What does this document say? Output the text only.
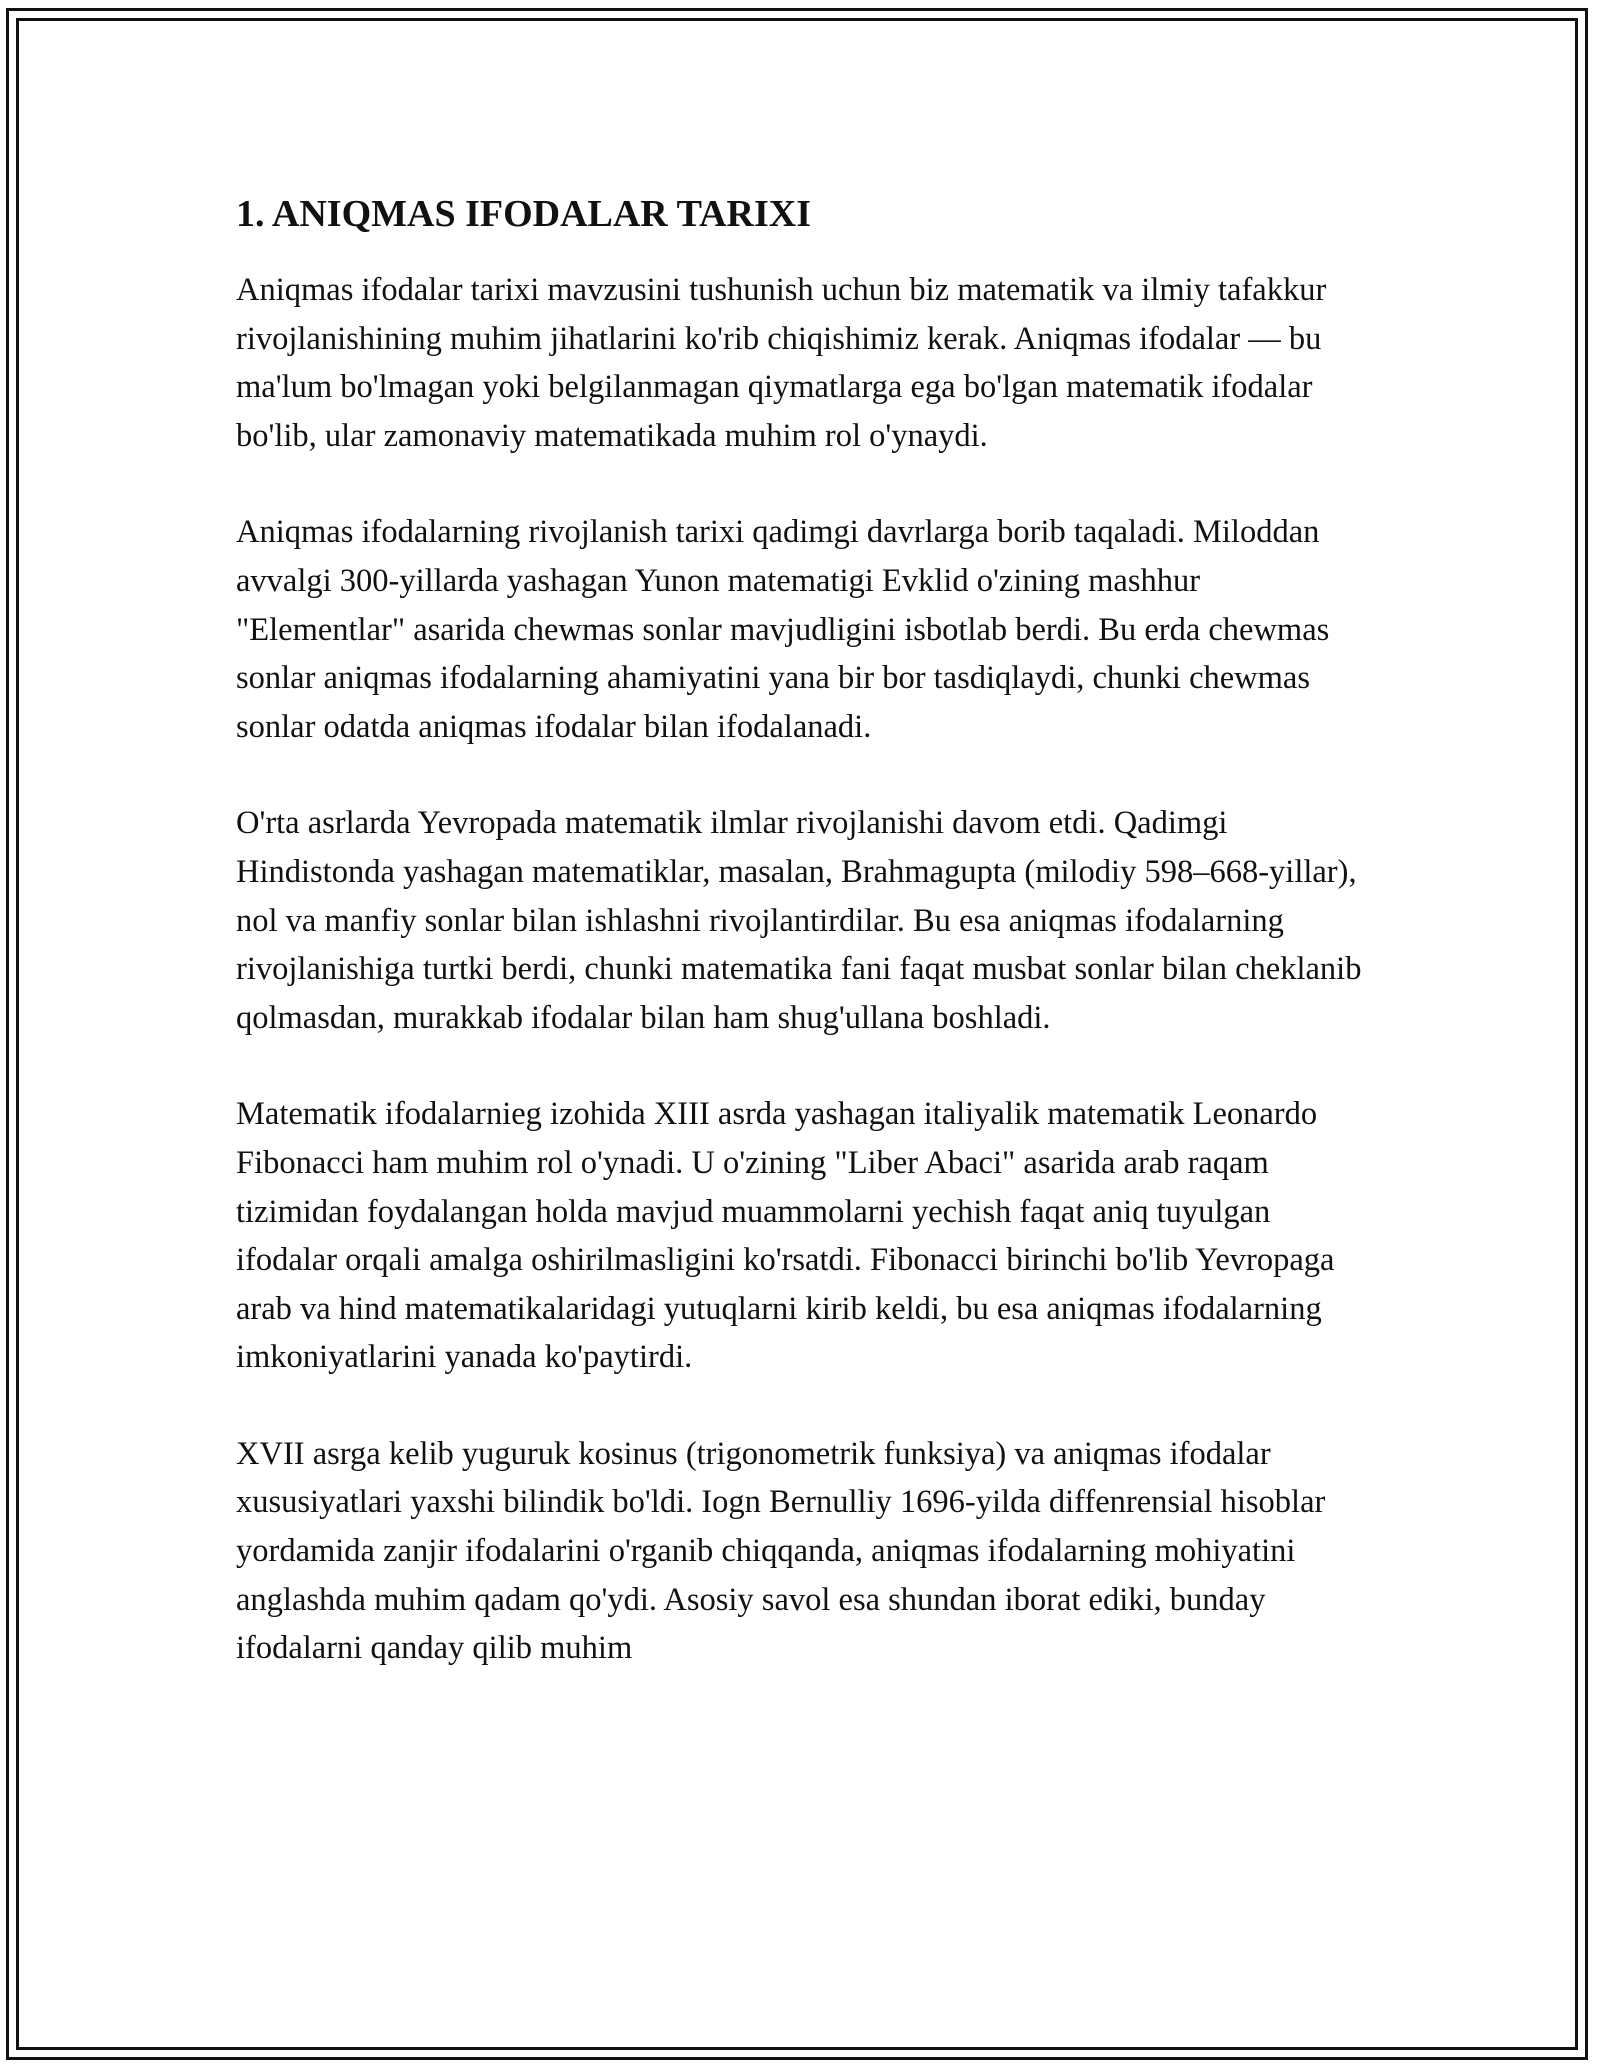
1. ANIQMAS IFODALAR TARIXI

Aniqmas ifodalar tarixi mavzusini tushunish uchun biz matematik va ilmiy tafakkur rivojlanishining muhim jihatlarini ko'rib chiqishimiz kerak. Aniqmas ifodalar — bu ma'lum bo'lmagan yoki belgilanmagan qiymatlarga ega bo'lgan matematik ifodalar bo'lib, ular zamonaviy matematikada muhim rol o'ynaydi.

Aniqmas ifodalarning rivojlanish tarixi qadimgi davrlarga borib taqaladi. Miloddan avvalgi 300-yillarda yashagan Yunon matematigi Evklid o'zining mashhur "Elementlar" asarida chewmas sonlar mavjudligini isbotlab berdi. Bu erda chewmas sonlar aniqmas ifodalarning ahamiyatini yana bir bor tasdiqlaydi, chunki chewmas sonlar odatda aniqmas ifodalar bilan ifodalanadi.

O'rta asrlarda Yevropada matematik ilmlar rivojlanishi davom etdi. Qadimgi Hindistonda yashagan matematiklar, masalan, Brahmagupta (milodiy 598–668-yillar), nol va manfiy sonlar bilan ishlashni rivojlantirdilar. Bu esa aniqmas ifodalarning rivojlanishiga turtki berdi, chunki matematika fani faqat musbat sonlar bilan cheklanib qolmasdan, murakkab ifodalar bilan ham shug'ullana boshladi.

Matematik ifodalarnieg izohida XIII asrda yashagan italiyalik matematik Leonardo Fibonacci ham muhim rol o'ynadi. U o'zining "Liber Abaci" asarida arab raqam tizimidan foydalangan holda mavjud muammolarni yechish faqat aniq tuyulgan ifodalar orqali amalga oshirilmasligini ko'rsatdi. Fibonacci birinchi bo'lib Yevropaga arab va hind matematikalaridagi yutuqlarni kirib keldi, bu esa aniqmas ifodalarning imkoniyatlarini yanada ko'paytirdi.

XVII asrga kelib yuguruk kosinus (trigonometrik funksiya) va aniqmas ifodalar xususiyatlari yaxshi bilindik bo'ldi. Iogn Bernulliy 1696-yilda diffenrensial hisoblar yordamida zanjir ifodalarini o'rganib chiqqanda, aniqmas ifodalarning mohiyatini anglashda muhim qadam qo'ydi. Asosiy savol esa shundan iborat ediki, bunday ifodalarni qanday qilib muhim
